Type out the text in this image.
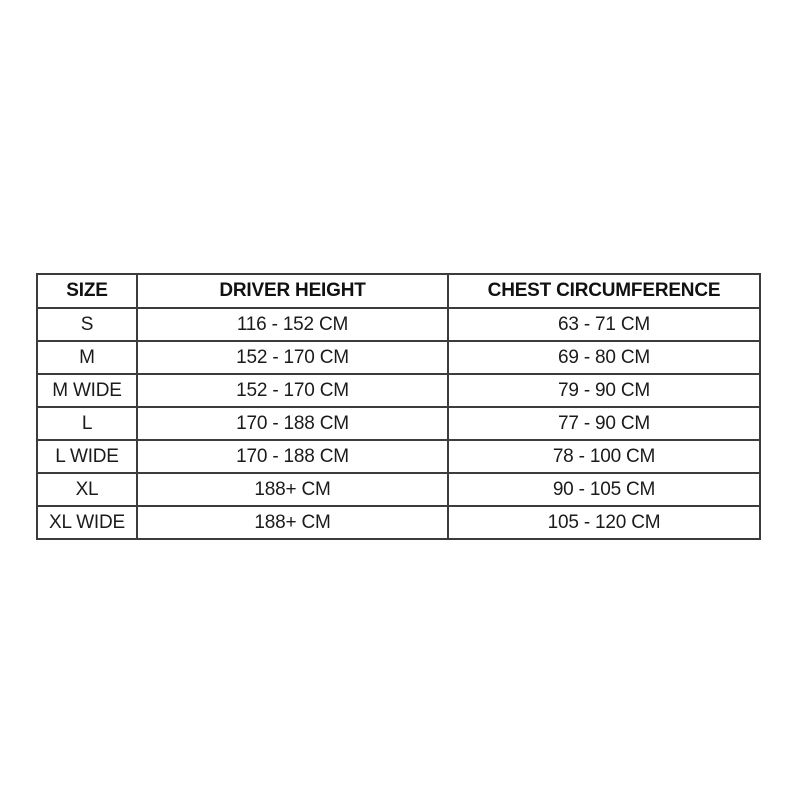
SIZE	DRIVER HEIGHT	CHEST CIRCUMFERENCE
S	116 - 152 CM	63 - 71 CM
M	152 - 170 CM	69 - 80 CM
M WIDE	152 - 170 CM	79 - 90 CM
L	170 - 188 CM	77 - 90 CM
L WIDE	170 - 188 CM	78 - 100 CM
XL	188+ CM	90 - 105 CM
XL WIDE	188+ CM	105 - 120 CM
